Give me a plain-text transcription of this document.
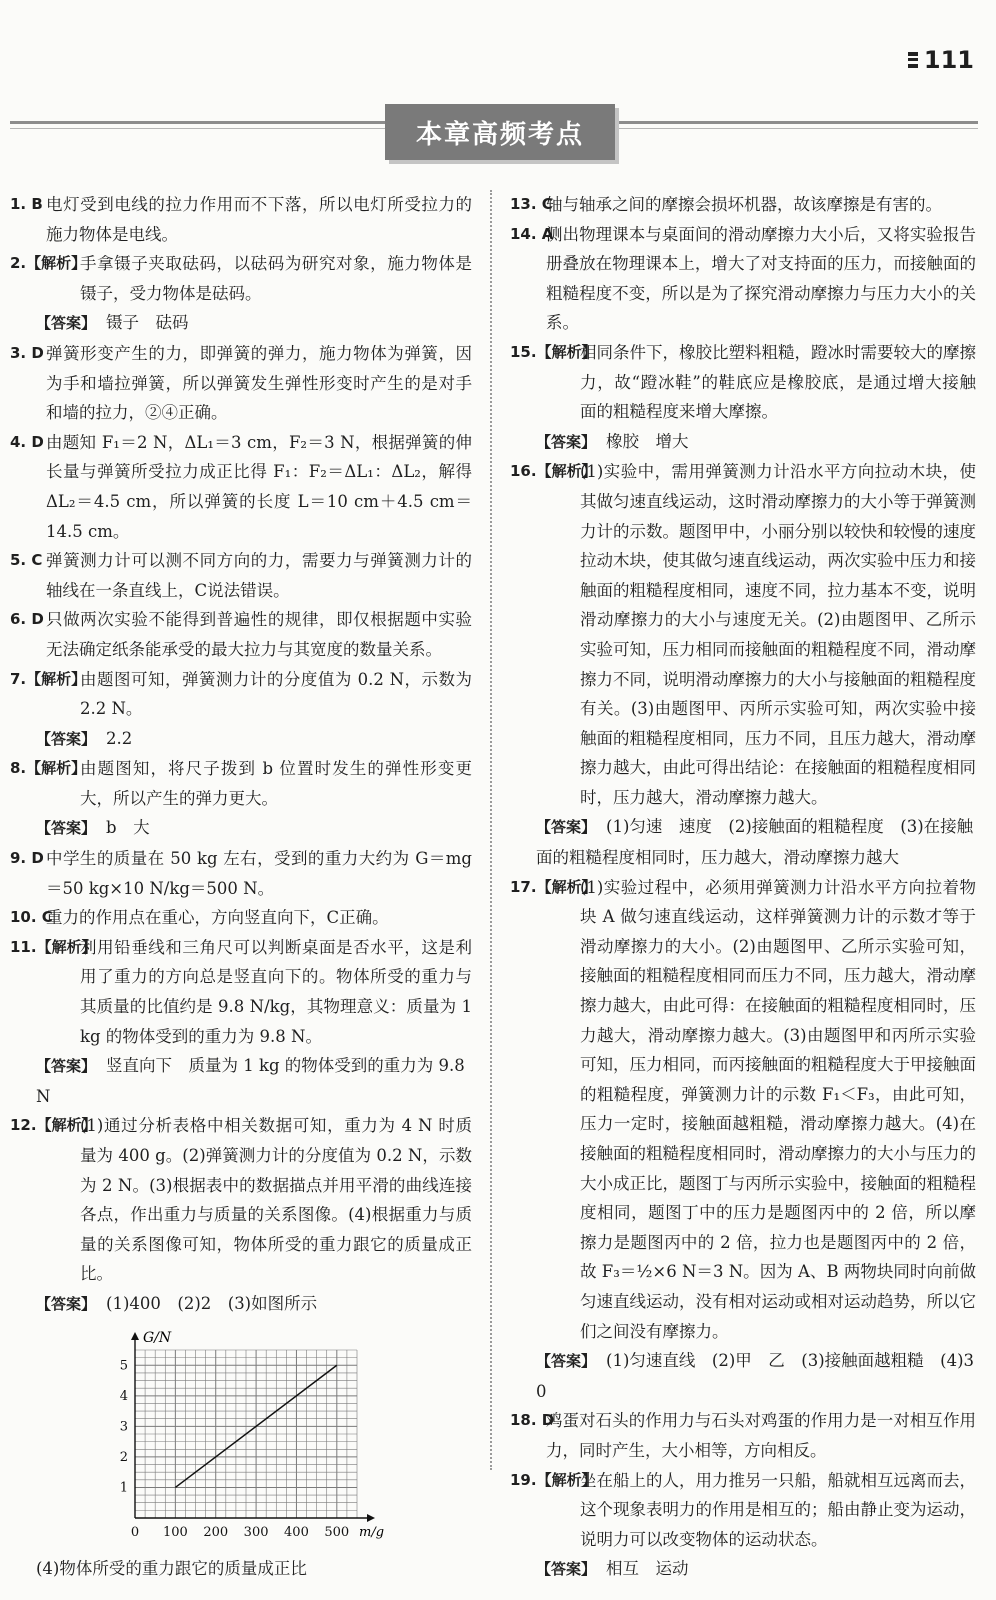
111
本章高频考点
1. B 电灯受到电线的拉力作用而不下落，所以电灯所受拉力的施力物体是电线。
2.【解析】
手拿镊子夹取砝码，以砝码为研究对象，施力物体是镊子，受力物体是砝码。
【答案】 镊子　砝码
3. D 弹簧形变产生的力，即弹簧的弹力，施力物体为弹簧，因为手和墙拉弹簧，所以弹簧发生弹性形变时产生的是对手和墙的拉力，②④正确。
4. D 由题知 F₁＝2 N，ΔL₁＝3 cm，F₂＝3 N，根据弹簧的伸长量与弹簧所受拉力成正比得 F₁：F₂＝ΔL₁：ΔL₂，解得 ΔL₂＝4.5 cm，所以弹簧的长度 L＝10 cm＋4.5 cm＝14.5 cm。
5. C 弹簧测力计可以测不同方向的力，需要力与弹簧测力计的轴线在一条直线上，C说法错误。
6. D 只做两次实验不能得到普遍性的规律，即仅根据题中实验无法确定纸条能承受的最大拉力与其宽度的数量关系。
7.【解析】
由题图可知，弹簧测力计的分度值为 0.2 N，示数为 2.2 N。
【答案】 2.2
8.【解析】
由题图知，将尺子拨到 b 位置时发生的弹性形变更大，所以产生的弹力更大。
【答案】 b　大
9. D 中学生的质量在 50 kg 左右，受到的重力大约为 G＝mg＝50 kg×10 N/kg＝500 N。
10. C
重力的作用点在重心，方向竖直向下，C正确。
11.【解析】
利用铅垂线和三角尺可以判断桌面是否水平，这是利用了重力的方向总是竖直向下的。物体所受的重力与其质量的比值约是 9.8 N/kg，其物理意义：质量为 1 kg 的物体受到的重力为 9.8 N。
【答案】 竖直向下　质量为 1 kg 的物体受到的重力为 9.8 N
12.【解析】
(1)通过分析表格中相关数据可知，重力为 4 N 时质量为 400 g。(2)弹簧测力计的分度值为 0.2 N，示数为 2 N。(3)根据表中的数据描点并用平滑的曲线连接各点，作出重力与质量的关系图像。(4)根据重力与质量的关系图像可知，物体所受的重力跟它的质量成正比。
【答案】 (1)400　(2)2　(3)如图所示
0 100 200 300 400 500
1
2
3
4
5
G/N
m/g
(4)物体所受的重力跟它的质量成正比
13. C
轴与轴承之间的摩擦会损坏机器，故该摩擦是有害的。
14. A
测出物理课本与桌面间的滑动摩擦力大小后，又将实验报告册叠放在物理课本上，增大了对支持面的压力，而接触面的粗糙程度不变，所以是为了探究滑动摩擦力与压力大小的关系。
15.【解析】
相同条件下，橡胶比塑料粗糙，蹬冰时需要较大的摩擦力，故“蹬冰鞋”的鞋底应是橡胶底，是通过增大接触面的粗糙程度来增大摩擦。
【答案】 橡胶　增大
16.【解析】
(1)实验中，需用弹簧测力计沿水平方向拉动木块，使其做匀速直线运动，这时滑动摩擦力的大小等于弹簧测力计的示数。题图甲中，小丽分别以较快和较慢的速度拉动木块，使其做匀速直线运动，两次实验中压力和接触面的粗糙程度相同，速度不同，拉力基本不变，说明滑动摩擦力的大小与速度无关。(2)由题图甲、乙所示实验可知，压力相同而接触面的粗糙程度不同，滑动摩擦力不同，说明滑动摩擦力的大小与接触面的粗糙程度有关。(3)由题图甲、丙所示实验可知，两次实验中接触面的粗糙程度相同，压力不同，且压力越大，滑动摩擦力越大，由此可得出结论：在接触面的粗糙程度相同时，压力越大，滑动摩擦力越大。
【答案】 (1)匀速　速度　(2)接触面的粗糙程度　(3)在接触面的粗糙程度相同时，压力越大，滑动摩擦力越大
17.【解析】
(1)实验过程中，必须用弹簧测力计沿水平方向拉着物块 A 做匀速直线运动，这样弹簧测力计的示数才等于滑动摩擦力的大小。(2)由题图甲、乙所示实验可知，接触面的粗糙程度相同而压力不同，压力越大，滑动摩擦力越大，由此可得：在接触面的粗糙程度相同时，压力越大，滑动摩擦力越大。(3)由题图甲和丙所示实验可知，压力相同，而丙接触面的粗糙程度大于甲接触面的粗糙程度，弹簧测力计的示数 F₁＜F₃，由此可知，压力一定时，接触面越粗糙，滑动摩擦力越大。(4)在接触面的粗糙程度相同时，滑动摩擦力的大小与压力的大小成正比，题图丁与丙所示实验中，接触面的粗糙程度相同，题图丁中的压力是题图丙中的 2 倍，所以摩擦力是题图丙中的 2 倍，拉力也是题图丙中的 2 倍，故 F₃＝½×6 N＝3 N。因为 A、B 两物块同时向前做匀速直线运动，没有相对运动或相对运动趋势，所以它们之间没有摩擦力。
【答案】 (1)匀速直线　(2)甲　乙　(3)接触面越粗糙　(4)3　0
18. D
鸡蛋对石头的作用力与石头对鸡蛋的作用力是一对相互作用力，同时产生，大小相等，方向相反。
19.【解析】
坐在船上的人，用力推另一只船，船就相互远离而去，这个现象表明力的作用是相互的；船由静止变为运动，说明力可以改变物体的运动状态。
【答案】 相互　运动
